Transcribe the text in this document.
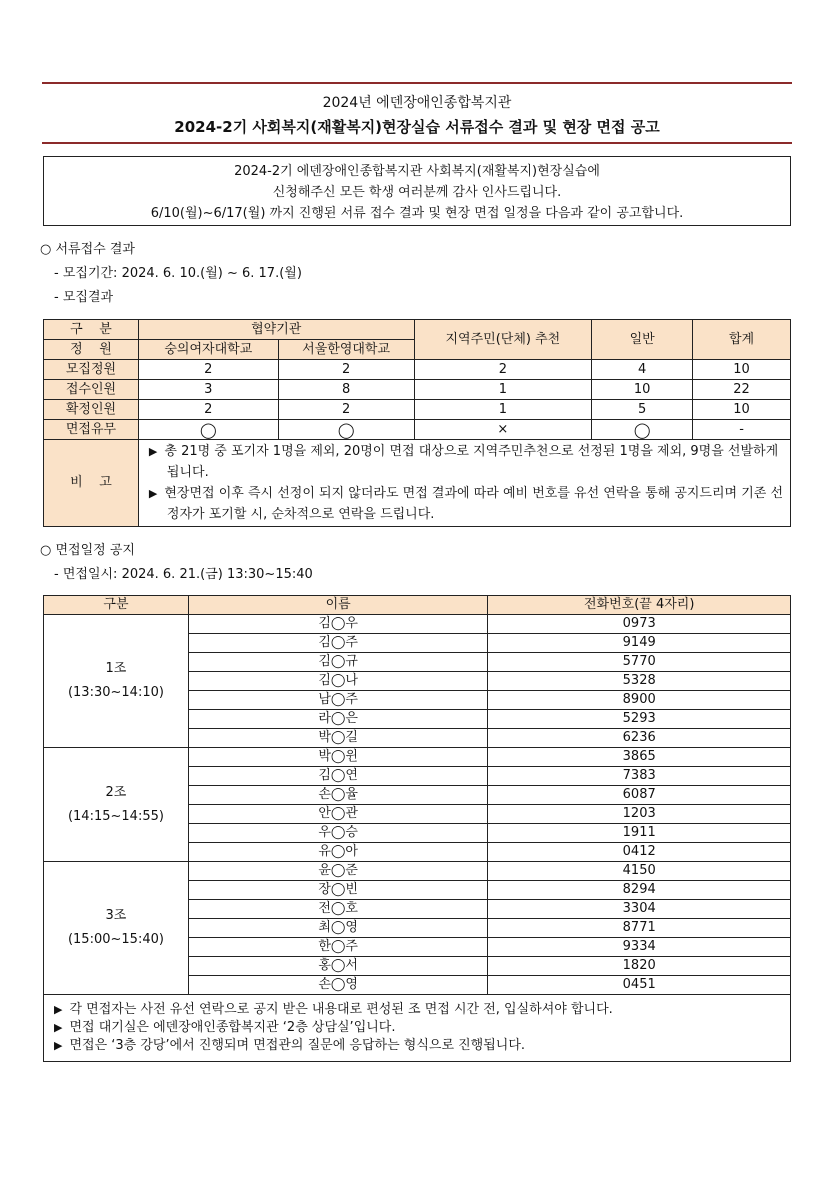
2024년 에덴장애인종합복지관
2024-2기 사회복지(재활복지)현장실습 서류접수 결과 및 현장 면접 공고
2024-2기 에덴장애인종합복지관 사회복지(재활복지)현장실습에
신청해주신 모든 학생 여러분께 감사 인사드립니다.
6/10(월)~6/17(월) 까지 진행된 서류 접수 결과 및 현장 면접 일정을 다음과 같이 공고합니다.
○ 서류접수 결과
- 모집기간: 2024. 6. 10.(월) ~ 6. 17.(월)
- 모집결과
구    분	협약기관		지역주민(단체) 추천	일반	합계
정    원	숭의여자대학교	서울한영대학교			
모집정원	2	2	2	4	10
접수인원	3	8	1	10	22
확정인원	2	2	1	5	10
면접유무	◯	◯	×	◯	-
비    고	▶ 총 21명 중 포기자 1명을 제외, 20명이 면접 대상으로 지역주민추천으로 선정된 1명을 제외, 9명을 선발하게 됩니다.
▶ 현장면접 이후 즉시 선정이 되지 않더라도 면접 결과에 따라 예비 번호를 유선 연락을 통해 공지드리며 기존 선정자가 포기할 시, 순차적으로 연락을 드립니다.				
○ 면접일정 공지
- 면접일시: 2024. 6. 21.(금) 13:30~15:40
구분	이름	전화번호(끝 4자리)

1조
(13:30~14:10)	김◯우	0973
	김◯주	9149
	김◯규	5770
	김◯나	5328
	남◯주	8900
	라◯은	5293
	박◯길	6236

2조
(14:15~14:55)	박◯윈	3865
	김◯연	7383
	손◯율	6087
	안◯관	1203
	우◯승	1911
	유◯아	0412

3조
(15:00~15:40)	윤◯준	4150
	장◯빈	8294
	전◯호	3304
	최◯영	8771
	한◯주	9334
	홍◯서	1820
	손◯영	0451

▶ 각 면접자는 사전 유선 연락으로 공지 받은 내용대로 편성된 조 면접 시간 전, 입실하셔야 합니다.
▶ 면접 대기실은 에덴장애인종합복지관 ‘2층 상담실’입니다.
▶ 면접은 ‘3층 강당’에서 진행되며 면접관의 질문에 응답하는 형식으로 진행됩니다.		
